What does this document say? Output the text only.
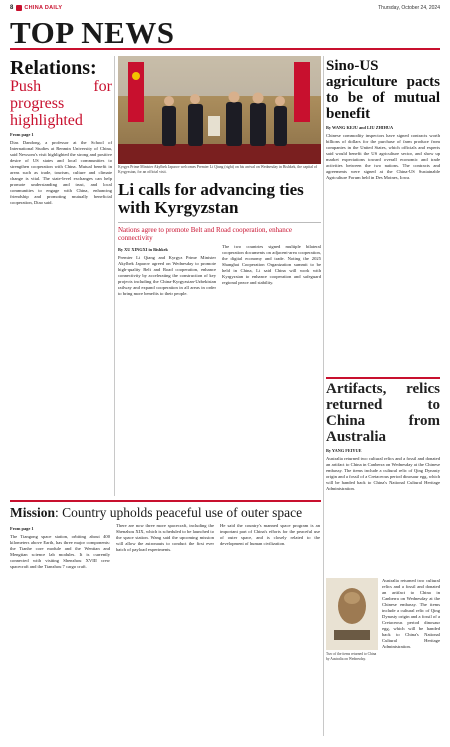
8 CHINA DAILY	Thursday, October 24, 2024
TOP NEWS
Relations:
Push for progress highlighted
From page 1

Dias Dandong, a professor at the School of International Studies at Renmin University of China, said Newsom's visit highlighted the strong and positive desire of US states and local communities to strengthen cooperation with China. Mutual benefit in areas such as trade, tourism, culture and climate change is vital. The state-level exchanges can help promote understanding and trust, and local communities to engage with China, enhancing friendship and promoting mutually beneficial cooperation, Diao said.

Kyrgyz Prime Minister Akylbek Japarov welcomes Premier Li Qiang (right) on his arrival on Wednesday in Bishkek, the capital of Kyrgyzstan, for an official visit.
Li calls for advancing ties with Kyrgyzstan
Nations agree to promote Belt and Road cooperation, enhance connectivity
By XU XINGXI in Bishkek

Premier Li Qiang and Kyrgyz Prime Minister Akylbek Japarov agreed on Wednesday to promote high-quality Belt and Road cooperation, enhance connectivity by accelerating the construction of key projects including the China-Kyrgyzstan-Uzbekistan railway and expand cooperation in all areas in order to bring more benefits to their people.

The two countries signed multiple bilateral cooperation documents on adjacent-area cooperation, the digital economy and trade. Noting the 2025 Shanghai Cooperation Organization summit to be held in China, Li said China will work with Kyrgyzstan to enhance cooperation and safeguard regional peace and stability.

Sino-US agriculture pacts to be of mutual benefit
By WANG KEJU and LIU ZHIHUA

Chinese commodity inspectors have signed contracts worth billions of dollars for the purchase of farm produce from companies in the United States, which officials and experts said would benefit the US agriculture sector, and show up market expectations toward overall economic and trade activities between the two nations. The contracts and agreements were signed at the China-US Sustainable Agriculture Forum held in Des Moines, Iowa.

Artifacts, relics returned to China from Australia
By YANG FEIYUE

Australia returned two cultural relics and a fossil and donated an artifact to China in Canberra on Wednesday at the Chinese embassy. The items include a cultural relic of Qing Dynasty origin and a fossil of a Cretaceous period dinosaur egg, which will be handed back to China's National Cultural Heritage Administration.

Two of the items returned to China by Australia on Wednesday.

Australia returned two cultural relics and a fossil and donated an artifact to China in Canberra on Wednesday at the Chinese embassy. The items include a cultural relic of Qing Dynasty origin and a fossil of a Cretaceous period dinosaur egg, which will be handed back to China's National Cultural Heritage Administration.

Mission: Country upholds peaceful use of outer space
From page 1

The Tiangong space station, orbiting about 400 kilometers above Earth, has three major components: the Tianhe core module and the Wentian and Mengtian science lab modules. It is currently connected with visiting Shenzhou XVIII crew spacecraft and the Tianzhou 7 cargo craft.

There are now three more spacecraft, including the Shenzhou XIX, which is scheduled to be launched to the space station. Wang said the upcoming mission will allow the astronauts to conduct the first ever batch of payload experiments.

He said the country's manned space program is an important part of China's efforts for the peaceful use of outer space, and is closely related to the development of human civilization.
